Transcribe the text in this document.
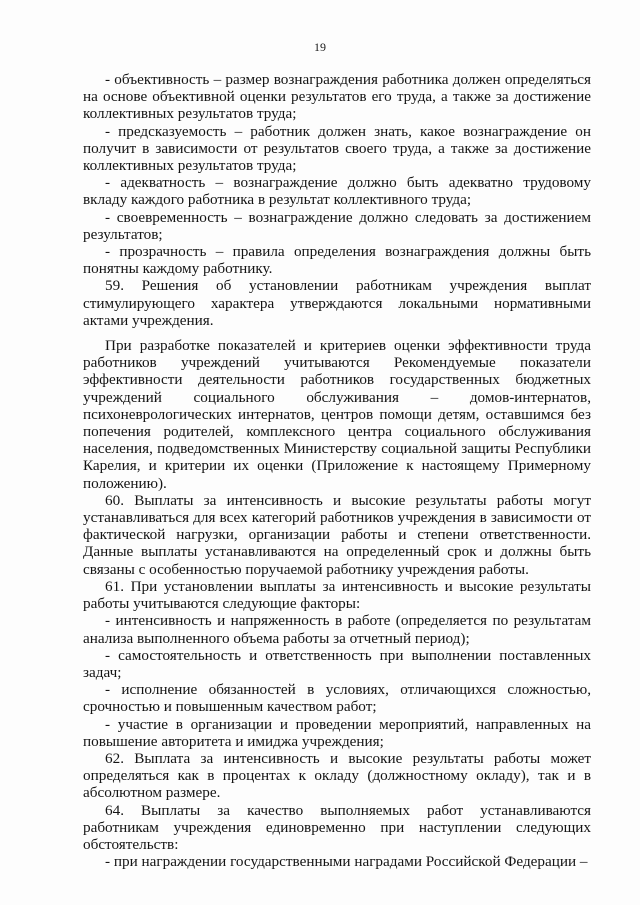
19

- объективность – размер вознаграждения работника должен определяться на основе объективной оценки результатов его труда, а также за достижение коллективных результатов труда;

- предсказуемость – работник должен знать, какое вознаграждение он получит в зависимости от результатов своего труда, а также за достижение коллективных результатов труда;

- адекватность – вознаграждение должно быть адекватно трудовому вкладу каждого работника в результат коллективного труда;

- своевременность – вознаграждение должно следовать за достижением результатов;

- прозрачность – правила определения вознаграждения должны быть понятны каждому работнику.

59. Решения об установлении работникам учреждения выплат стимулирующего характера утверждаются локальными нормативными актами учреждения.

При разработке показателей и критериев оценки эффективности труда работников учреждений учитываются Рекомендуемые показатели эффективности деятельности работников государственных бюджетных учреждений социального обслуживания – домов-интернатов, психоневрологических интернатов, центров помощи детям, оставшимся без попечения родителей, комплексного центра социального обслуживания населения, подведомственных Министерству социальной защиты Республики Карелия, и критерии их оценки (Приложение к настоящему Примерному положению).

60. Выплаты за интенсивность и высокие результаты работы могут устанавливаться для всех категорий работников учреждения в зависимости от фактической нагрузки, организации работы и степени ответственности. Данные выплаты устанавливаются на определенный срок и должны быть связаны с особенностью поручаемой работнику учреждения работы.

61. При установлении выплаты за интенсивность и высокие результаты работы учитываются следующие факторы:

- интенсивность и напряженность в работе (определяется по результатам анализа выполненного объема работы за отчетный период);

- самостоятельность и ответственность при выполнении поставленных задач;

- исполнение обязанностей в условиях, отличающихся сложностью, срочностью и повышенным качеством работ;

- участие в организации и проведении мероприятий, направленных на повышение авторитета и имиджа учреждения;

62. Выплата за интенсивность и высокие результаты работы может определяться как в процентах к окладу (должностному окладу), так и в абсолютном размере.

64. Выплаты за качество выполняемых работ устанавливаются работникам учреждения единовременно при наступлении следующих обстоятельств:

- при награждении государственными наградами Российской Федерации –
